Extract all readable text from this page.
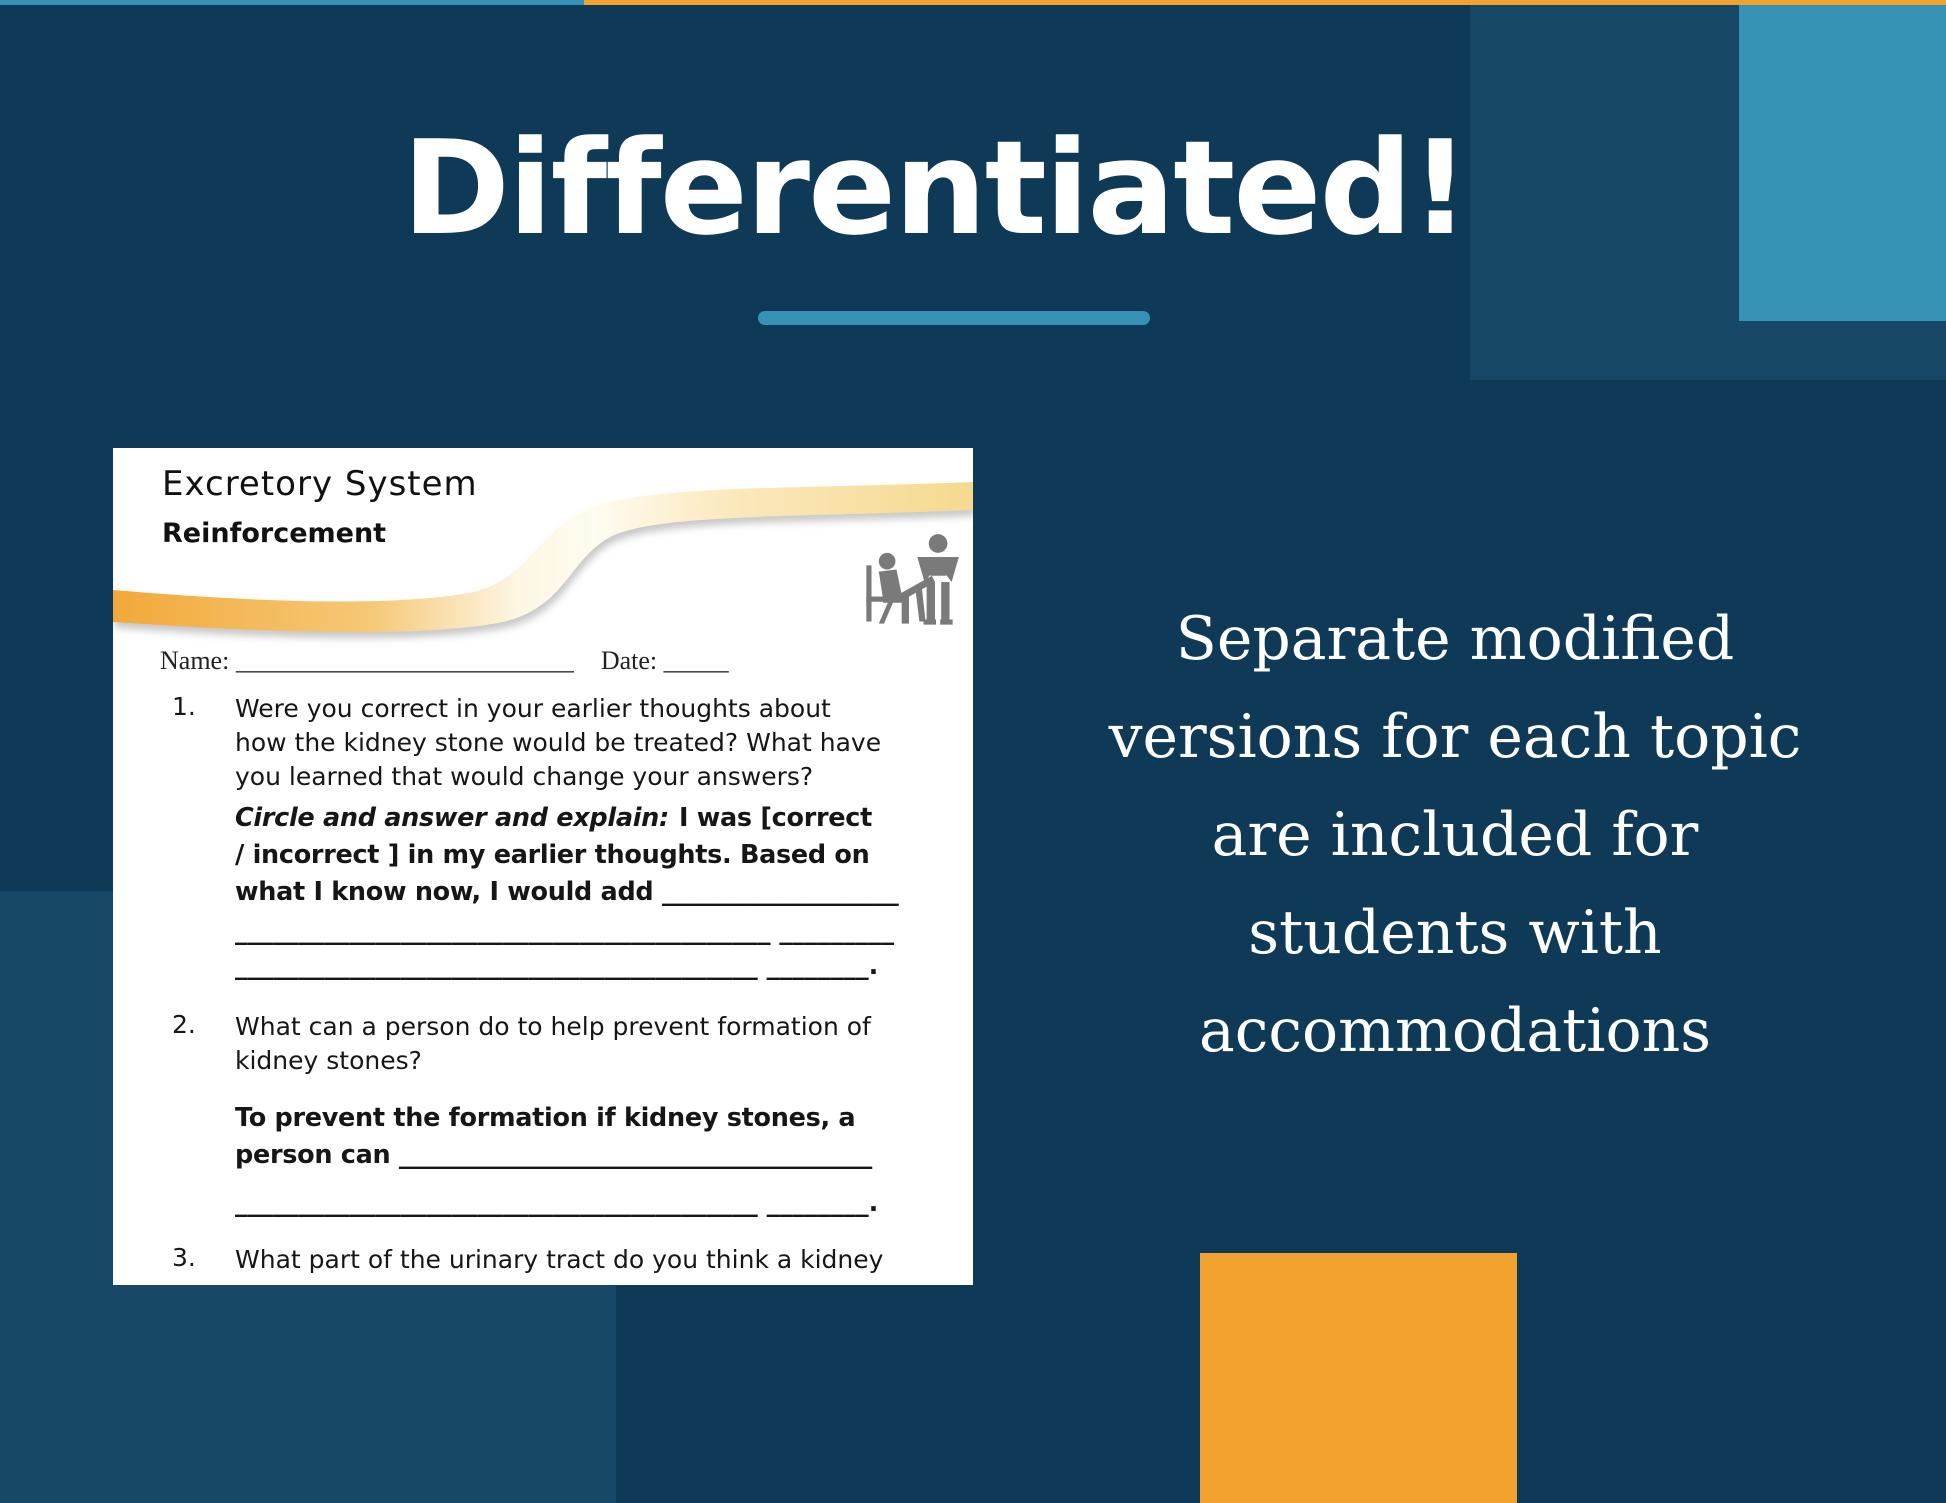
Differentiated!
Separate modified
versions for each topic
are included for
students with
accommodations
Excretory System
Reinforcement
Name: __________________________ Date: _____
1. Were you correct in your earlier thoughts about
how the kidney stone would be treated? What have
you learned that would change your answers?
Circle and answer and explain: I was [correct
/ incorrect ] in my earlier thoughts. Based on
what I know now, I would add ___________________
__________________________________________ _________
_________________________________________ ________.
2. What can a person do to help prevent formation of
kidney stones?
To prevent the formation if kidney stones, a
person can ______________________________________
_________________________________________ ________.
3. What part of the urinary tract do you think a kidney
